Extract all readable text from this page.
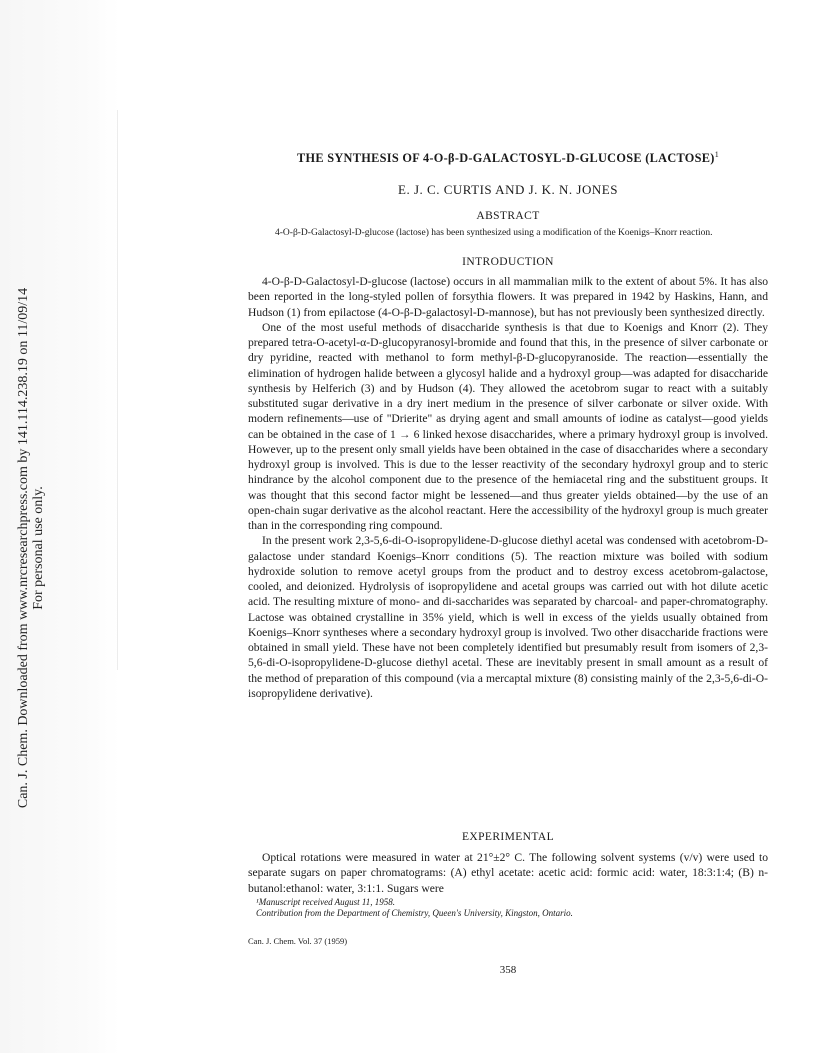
Can. J. Chem. Downloaded from www.nrcresearchpress.com by 141.114.238.19 on 11/09/14 For personal use only.
THE SYNTHESIS OF 4-O-β-D-GALACTOSYL-D-GLUCOSE (LACTOSE)$^1$
E. J. C. CURTIS AND J. K. N. JONES
ABSTRACT
4-O-β-D-Galactosyl-D-glucose (lactose) has been synthesized using a modification of the Koenigs–Knorr reaction.
INTRODUCTION

4-O-β-D-Galactosyl-D-glucose (lactose) occurs in all mammalian milk to the extent of about 5%. It has also been reported in the long-styled pollen of forsythia flowers. It was prepared in 1942 by Haskins, Hann, and Hudson (1) from epilactose (4-O-β-D-galactosyl-D-mannose), but has not previously been synthesized directly.

One of the most useful methods of disaccharide synthesis is that due to Koenigs and Knorr (2). They prepared tetra-O-acetyl-α-D-glucopyranosyl-bromide and found that this, in the presence of silver carbonate or dry pyridine, reacted with methanol to form methyl-β-D-glucopyranoside. The reaction—essentially the elimination of hydrogen halide between a glycosyl halide and a hydroxyl group—was adapted for disaccharide synthesis by Helferich (3) and by Hudson (4). They allowed the acetobrom sugar to react with a suitably substituted sugar derivative in a dry inert medium in the presence of silver carbonate or silver oxide. With modern refinements—use of "Drierite" as drying agent and small amounts of iodine as catalyst—good yields can be obtained in the case of 1 → 6 linked hexose disaccharides, where a primary hydroxyl group is involved. However, up to the present only small yields have been obtained in the case of disaccharides where a secondary hydroxyl group is involved. This is due to the lesser reactivity of the secondary hydroxyl group and to steric hindrance by the alcohol component due to the presence of the hemiacetal ring and the substituent groups. It was thought that this second factor might be lessened—and thus greater yields obtained—by the use of an open-chain sugar derivative as the alcohol reactant. Here the accessibility of the hydroxyl group is much greater than in the corresponding ring compound.

In the present work 2,3-5,6-di-O-isopropylidene-D-glucose diethyl acetal was condensed with acetobrom-D-galactose under standard Koenigs–Knorr conditions (5). The reaction mixture was boiled with sodium hydroxide solution to remove acetyl groups from the product and to destroy excess acetobrom-galactose, cooled, and deionized. Hydrolysis of isopropylidene and acetal groups was carried out with hot dilute acetic acid. The resulting mixture of mono- and di-saccharides was separated by charcoal- and paper-chromatography. Lactose was obtained crystalline in 35% yield, which is well in excess of the yields usually obtained from Koenigs–Knorr syntheses where a secondary hydroxyl group is involved. Two other disaccharide fractions were obtained in small yield. These have not been completely identified but presumably result from isomers of 2,3-5,6-di-O-isopropylidene-D-glucose diethyl acetal. These are inevitably present in small amount as a result of the method of preparation of this compound (via a mercaptal mixture (8) consisting mainly of the 2,3-5,6-di-O-isopropylidene derivative).

EXPERIMENTAL

Optical rotations were measured in water at 21°±2° C. The following solvent systems (v/v) were used to separate sugars on paper chromatograms: (A) ethyl acetate: acetic acid: formic acid: water, 18:3:1:4; (B) n-butanol:ethanol: water, 3:1:1. Sugars were

¹Manuscript received August 11, 1958.
Contribution from the Department of Chemistry, Queen's University, Kingston, Ontario.
Can. J. Chem. Vol. 37 (1959)
358
